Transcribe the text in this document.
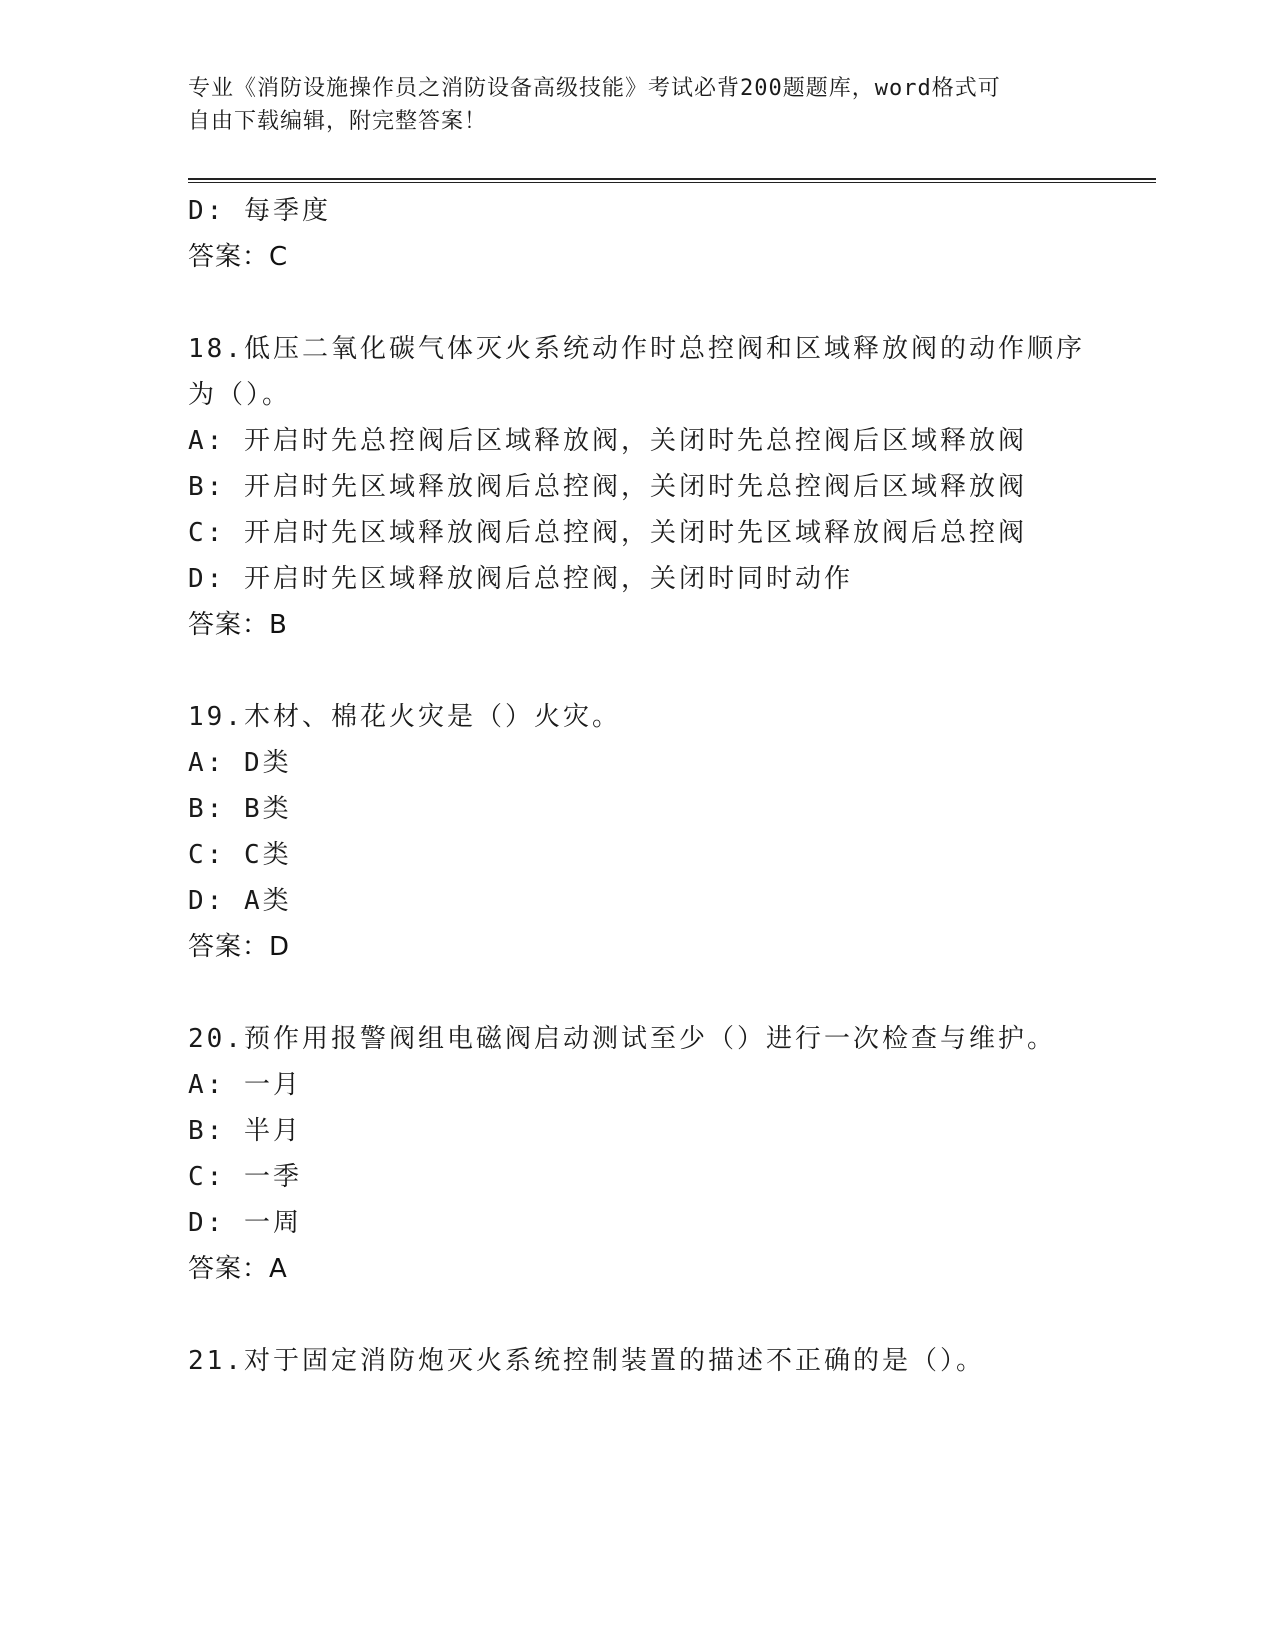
专业《消防设施操作员之消防设备高级技能》考试必背200题题库，word格式可
自由下载编辑，附完整答案！
D: 每季度
答案：C
18.低压二氧化碳气体灭火系统动作时总控阀和区域释放阀的动作顺序
为（）。
A: 开启时先总控阀后区域释放阀，关闭时先总控阀后区域释放阀
B: 开启时先区域释放阀后总控阀，关闭时先总控阀后区域释放阀
C: 开启时先区域释放阀后总控阀，关闭时先区域释放阀后总控阀
D: 开启时先区域释放阀后总控阀，关闭时同时动作
答案：B
19.木材、棉花火灾是（）火灾。
A: D类
B: B类
C: C类
D: A类
答案：D
20.预作用报警阀组电磁阀启动测试至少（）进行一次检查与维护。
A: 一月
B: 半月
C: 一季
D: 一周
答案：A
21.对于固定消防炮灭火系统控制装置的描述不正确的是（）。
